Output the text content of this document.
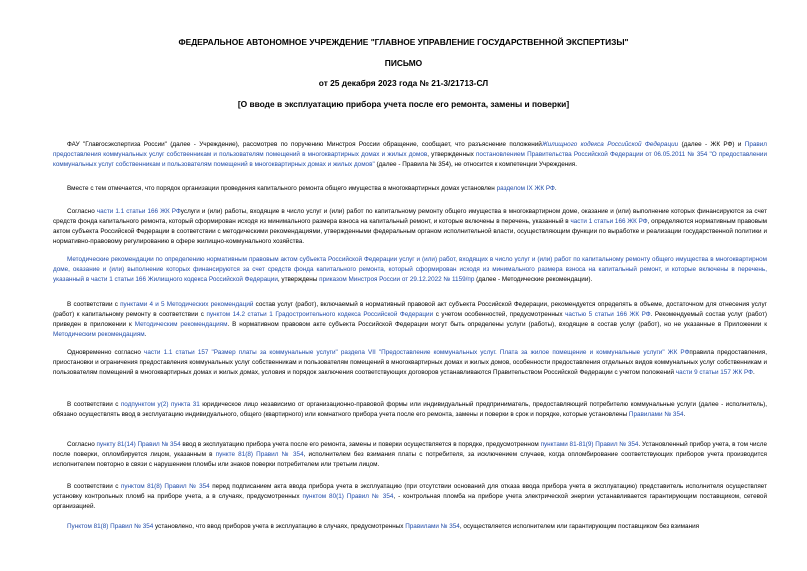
ФЕДЕРАЛЬНОЕ АВТОНОМНОЕ УЧРЕЖДЕНИЕ "ГЛАВНОЕ УПРАВЛЕНИЕ ГОСУДАРСТВЕННОЙ ЭКСПЕРТИЗЫ"
ПИСЬМО
от 25 декабря 2023 года № 21-3/21713-СЛ
[О вводе в эксплуатацию прибора учета после его ремонта, замены и поверки]

ФАУ "Главгосэкспертиза России" (далее - Учреждение), рассмотрев по поручению Минстроя России обращение, сообщает, что разъяснение положенийЖилищного кодекса Российской Федерации (далее - ЖК РФ) и Правил предоставления коммунальных услуг собственникам и пользователям помещений в многоквартирных домах и жилых домов, утвержденных постановлением Правительства Российской Федерации от 06.05.2011 № 354 "О предоставлении коммунальных услуг собственникам и пользователям помещений в многоквартирных домах и жилых домов" (далее - Правила № 354), не относится к компетенции Учреждения.

Вместе с тем отмечается, что порядок организации проведения капитального ремонта общего имущества в многоквартирных домах установлен разделом IX ЖК РФ.

Согласно части 1.1 статьи 166 ЖК РФуслуги и (или) работы, входящие в число услуг и (или) работ по капитальному ремонту общего имущества в многоквартирном доме, оказание и (или) выполнение которых финансируются за счет средств фонда капитального ремонта, который сформирован исходя из минимального размера взноса на капитальный ремонт, и которые включены в перечень, указанный в части 1 статьи 166 ЖК РФ, определяются нормативным правовым актом субъекта Российской Федерации в соответствии с методическими рекомендациями, утвержденными федеральным органом исполнительной власти, осуществляющим функции по выработке и реализации государственной политики и нормативно-правовому регулированию в сфере жилищно-коммунального хозяйства.

Методические рекомендации по определению нормативным правовым актом субъекта Российской Федерации услуг и (или) работ, входящих в число услуг и (или) работ по капитальному ремонту общего имущества в многоквартирном доме, оказание и (или) выполнение которых финансируются за счет средств фонда капитального ремонта, который сформирован исходя из минимального размера взноса на капитальный ремонт, и которые включены в перечень, указанный в части 1 статьи 166 Жилищного кодекса Российской Федерации, утверждены приказом Минстроя России от 29.12.2022 № 1159/пр (далее - Методические рекомендации).

В соответствии с пунктами 4 и 5 Методических рекомендаций состав услуг (работ), включаемый в нормативный правовой акт субъекта Российской Федерации, рекомендуется определять в объеме, достаточном для отнесения услуг (работ) к капитальному ремонту в соответствии с пунктом 14.2 статьи 1 Градостроительного кодекса Российской Федерации с учетом особенностей, предусмотренных частью 5 статьи 166 ЖК РФ. Рекомендуемый состав услуг (работ) приведен в приложении к Методическим рекомендациям. В нормативном правовом акте субъекта Российской Федерации могут быть определены услуги (работы), входящие в состав услуг (работ), но не указанные в Приложении к Методическим рекомендациям.

Одновременно согласно части 1.1 статьи 157 "Размер платы за коммунальные услуги" раздела VII "Предоставление коммунальных услуг. Плата за жилое помещение и коммунальные услуги" ЖК РФправила предоставления, приостановки и ограничения предоставления коммунальных услуг собственникам и пользователям помещений в многоквартирных домах и жилых домов, особенности предоставления отдельных видов коммунальных услуг собственникам и пользователям помещений в многоквартирных домах и жилых домах, условия и порядок заключения соответствующих договоров устанавливаются Правительством Российской Федерации с учетом положений части 9 статьи 157 ЖК РФ.

В соответствии с подпунктом у(2) пункта 31 юридическое лицо независимо от организационно-правовой формы или индивидуальный предприниматель, предоставляющий потребителю коммунальные услуги (далее - исполнитель), обязано осуществлять ввод в эксплуатацию индивидуального, общего (квартирного) или комнатного прибора учета после его ремонта, замены и поверки в срок и порядке, которые установлены Правилами № 354.

Согласно пункту 81(14) Правил № 354 ввод в эксплуатацию прибора учета после его ремонта, замены и поверки осуществляется в порядке, предусмотренном пунктами 81-81(9) Правил № 354. Установленный прибор учета, в том числе после поверки, опломбируется лицом, указанным в пункте 81(8) Правил № 354, исполнителем без взимания платы с потребителя, за исключением случаев, когда опломбирование соответствующих приборов учета производится исполнителем повторно в связи с нарушением пломбы или знаков поверки потребителем или третьим лицом.

В соответствии с пунктом 81(8) Правил № 354 перед подписанием акта ввода прибора учета в эксплуатацию (при отсутствии оснований для отказа ввода прибора учета в эксплуатацию) представитель исполнителя осуществляет установку контрольных пломб на приборе учета, а в случаях, предусмотренных пунктом 80(1) Правил № 354, - контрольная пломба на приборе учета электрической энергии устанавливается гарантирующим поставщиком, сетевой организацией.

Пунктом 81(8) Правил № 354 установлено, что ввод приборов учета в эксплуатацию в случаях, предусмотренных Правилами № 354, осуществляется исполнителем или гарантирующим поставщиком без взимания
